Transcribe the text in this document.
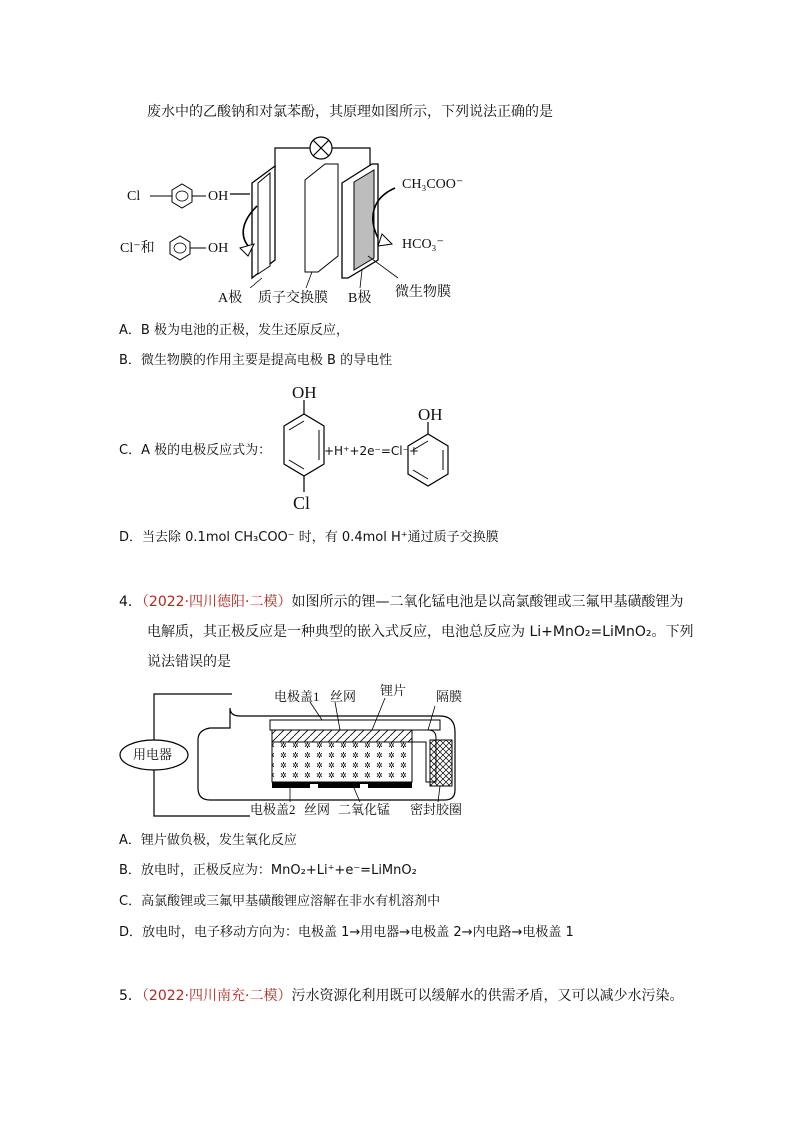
废水中的乙酸钠和对氯苯酚，其原理如图所示，下列说法正确的是
Cl	OH
Cl⁻和	OH
CH₃COO⁻
HCO₃⁻
A极 质子交换膜 B极 微生物膜
A．B 极为电池的正极，发生还原反应，
B．微生物膜的作用主要是提高电极 B 的导电性
C．A 极的电极反应式为：
OH
+H⁺+2e⁻=Cl⁻+
OH
Cl
D．当去除 0.1mol CH₃COO⁻ 时，有 0.4mol H⁺通过质子交换膜
4．（2022·四川德阳·二模）如图所示的锂—二氧化锰电池是以高氯酸锂或三氟甲基磺酸锂为
电解质，其正极反应是一种典型的嵌入式反应，电池总反应为 Li+MnO₂=LiMnO₂。下列
说法错误的是
电极盖1 丝网 锂片 隔膜
用电器
电极盖2 丝网 二氧化锰 密封胶圈
A．锂片做负极，发生氧化反应
B．放电时，正极反应为：MnO₂+Li⁺+e⁻=LiMnO₂
C．高氯酸锂或三氟甲基磺酸锂应溶解在非水有机溶剂中
D．放电时，电子移动方向为：电极盖 1→用电器→电极盖 2→内电路→电极盖 1
5．（2022·四川南充·二模）污水资源化利用既可以缓解水的供需矛盾，又可以减少水污染。
